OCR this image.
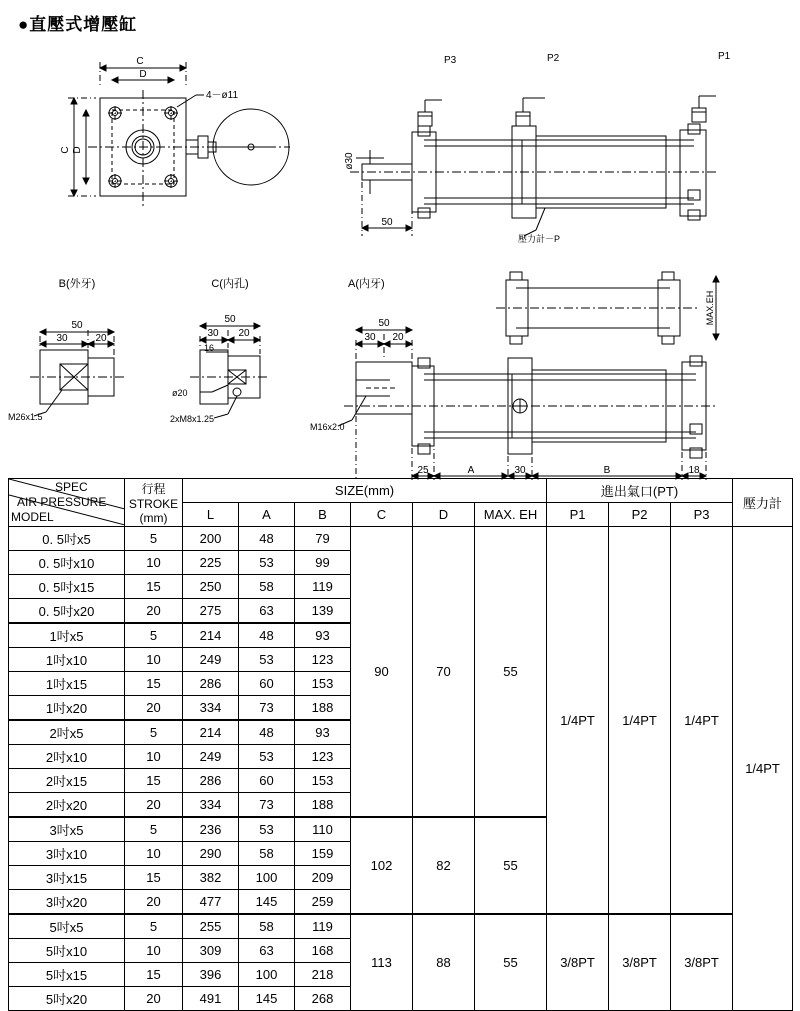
●直壓式增壓缸
C
D
4－ø11
C D
P3	P2	P1
ø30
50
壓力計－P
B(外牙)
50
30	20
M26x1.5
C(内孔)
50
30 20
16
ø20
2xM8x1.25
A(内牙)
50
30 20
M16x2.0
MAX.EH
25	A	30	B	18
SPEC
AIR PRESSURE
MODEL

行程
STROKE
(mm)
	SIZE(mm)	進出氣口(PT)	壓力計
		L	A	B	C	D	MAX. EH	P1	P2	P3	
0. 5吋x5	5	200	48	79	90	70	55	1/4PT	1/4PT	1/4PT	1/4PT
0. 5吋x10	10	225	53	99							
0. 5吋x15	15	250	58	119							
0. 5吋x20	20	275	63	139							
1吋x5	5	214	48	93							
1吋x10	10	249	53	123							
1吋x15	15	286	60	153							
1吋x20	20	334	73	188							
2吋x5	5	214	48	93							
2吋x10	10	249	53	123							
2吋x15	15	286	60	153							
2吋x20	20	334	73	188							
3吋x5	5	236	53	110	102	82	55				
3吋x10	10	290	58	159							
3吋x15	15	382	100	209							
3吋x20	20	477	145	259							
5吋x5	5	255	58	119	113	88	55	3/8PT	3/8PT	3/8PT	
5吋x10	10	309	63	168							
5吋x15	15	396	100	218							
5吋x20	20	491	145	268							
